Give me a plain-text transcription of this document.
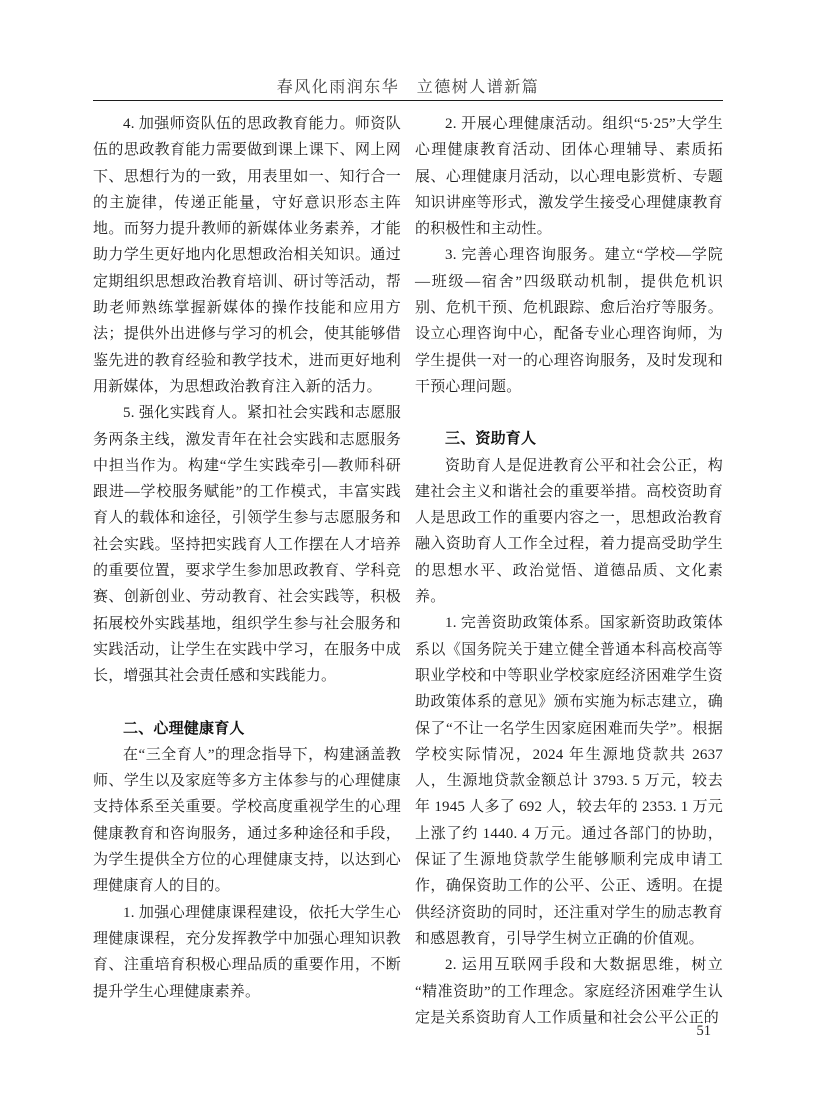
春风化雨润东华　立德树人谱新篇

4. 加强师资队伍的思政教育能力。师资队伍的思政教育能力需要做到课上课下、网上网下、思想行为的一致，用表里如一、知行合一的主旋律，传递正能量，守好意识形态主阵地。而努力提升教师的新媒体业务素养，才能助力学生更好地内化思想政治相关知识。通过定期组织思想政治教育培训、研讨等活动，帮助老师熟练掌握新媒体的操作技能和应用方法；提供外出进修与学习的机会，使其能够借鉴先进的教育经验和教学技术，进而更好地利用新媒体，为思想政治教育注入新的活力。

5. 强化实践育人。紧扣社会实践和志愿服务两条主线，激发青年在社会实践和志愿服务中担当作为。构建“学生实践牵引—教师科研跟进—学校服务赋能”的工作模式，丰富实践育人的载体和途径，引领学生参与志愿服务和社会实践。坚持把实践育人工作摆在人才培养的重要位置，要求学生参加思政教育、学科竞赛、创新创业、劳动教育、社会实践等，积极拓展校外实践基地，组织学生参与社会服务和实践活动，让学生在实践中学习，在服务中成长，增强其社会责任感和实践能力。

二、心理健康育人

在“三全育人”的理念指导下，构建涵盖教师、学生以及家庭等多方主体参与的心理健康支持体系至关重要。学校高度重视学生的心理健康教育和咨询服务，通过多种途径和手段，为学生提供全方位的心理健康支持，以达到心理健康育人的目的。

1. 加强心理健康课程建设，依托大学生心理健康课程，充分发挥教学中加强心理知识教育、注重培育积极心理品质的重要作用，不断提升学生心理健康素养。

2. 开展心理健康活动。组织“5·25”大学生心理健康教育活动、团体心理辅导、素质拓展、心理健康月活动，以心理电影赏析、专题知识讲座等形式，激发学生接受心理健康教育的积极性和主动性。

3. 完善心理咨询服务。建立“学校—学院—班级—宿舍”四级联动机制，提供危机识别、危机干预、危机跟踪、愈后治疗等服务。设立心理咨询中心，配备专业心理咨询师，为学生提供一对一的心理咨询服务，及时发现和干预心理问题。

三、资助育人

资助育人是促进教育公平和社会公正，构建社会主义和谐社会的重要举措。高校资助育人是思政工作的重要内容之一，思想政治教育融入资助育人工作全过程，着力提高受助学生的思想水平、政治觉悟、道德品质、文化素养。

1. 完善资助政策体系。国家新资助政策体系以《国务院关于建立健全普通本科高校高等职业学校和中等职业学校家庭经济困难学生资助政策体系的意见》颁布实施为标志建立，确保了“不让一名学生因家庭困难而失学”。根据学校实际情况，2024 年生源地贷款共 2637 人，生源地贷款金额总计 3793. 5 万元，较去年 1945 人多了 692 人，较去年的 2353. 1 万元上涨了约 1440. 4 万元。通过各部门的协助，保证了生源地贷款学生能够顺利完成申请工作，确保资助工作的公平、公正、透明。在提供经济资助的同时，还注重对学生的励志教育和感恩教育，引导学生树立正确的价值观。

2. 运用互联网手段和大数据思维，树立“精准资助”的工作理念。家庭经济困难学生认定是关系资助育人工作质量和社会公平公正的

51
